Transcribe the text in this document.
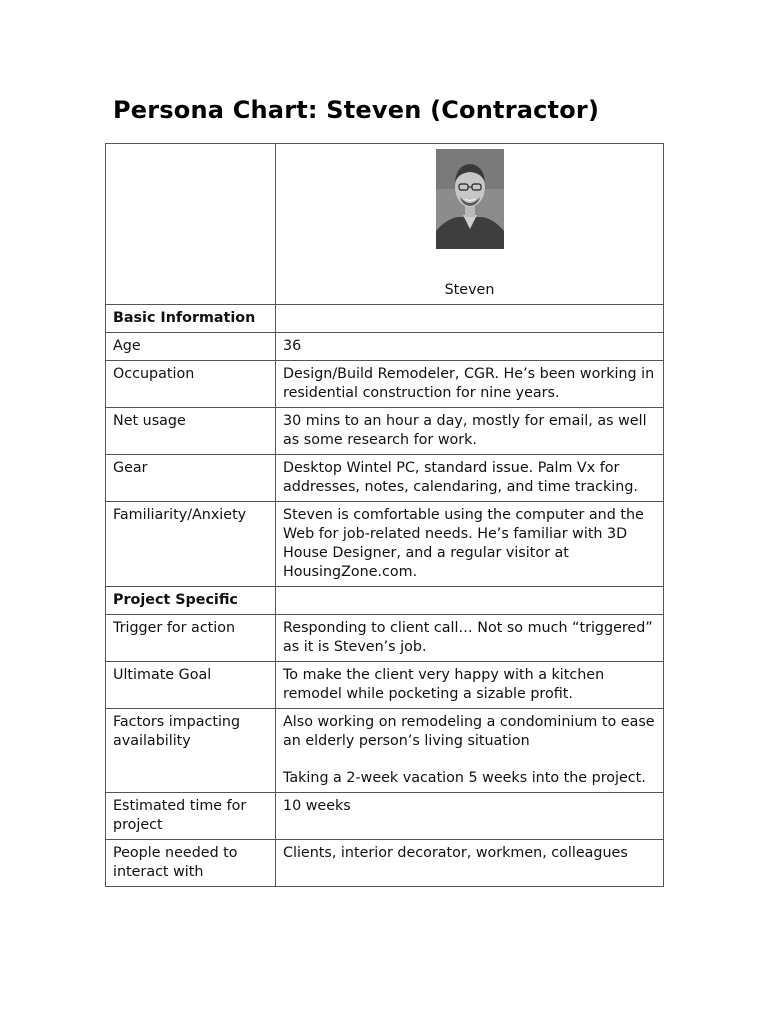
Persona Chart: Steven (Contractor)

	Steven

Basic Information	
Age	36
Occupation	Design/Build Remodeler, CGR. He’s been working in residential construction for nine years.
Net usage	30 mins to an hour a day, mostly for email, as well as some research for work.
Gear	Desktop Wintel PC, standard issue. Palm Vx for addresses, notes, calendaring, and time tracking.
Familiarity/Anxiety	Steven is comfortable using the computer and the Web for job-related needs. He’s familiar with 3D House Designer, and a regular visitor at HousingZone.com.
Project Specific	
Trigger for action	Responding to client call… Not so much “triggered” as it is Steven’s job.
Ultimate Goal	To make the client very happy with a kitchen remodel while pocketing a sizable profit.
Factors impacting availability	Also working on remodeling a condominium to ease an elderly person’s living situation
Taking a 2-week vacation 5 weeks into the project.

Estimated time for project	10 weeks
People needed to interact with	Clients, interior decorator, workmen, colleagues
